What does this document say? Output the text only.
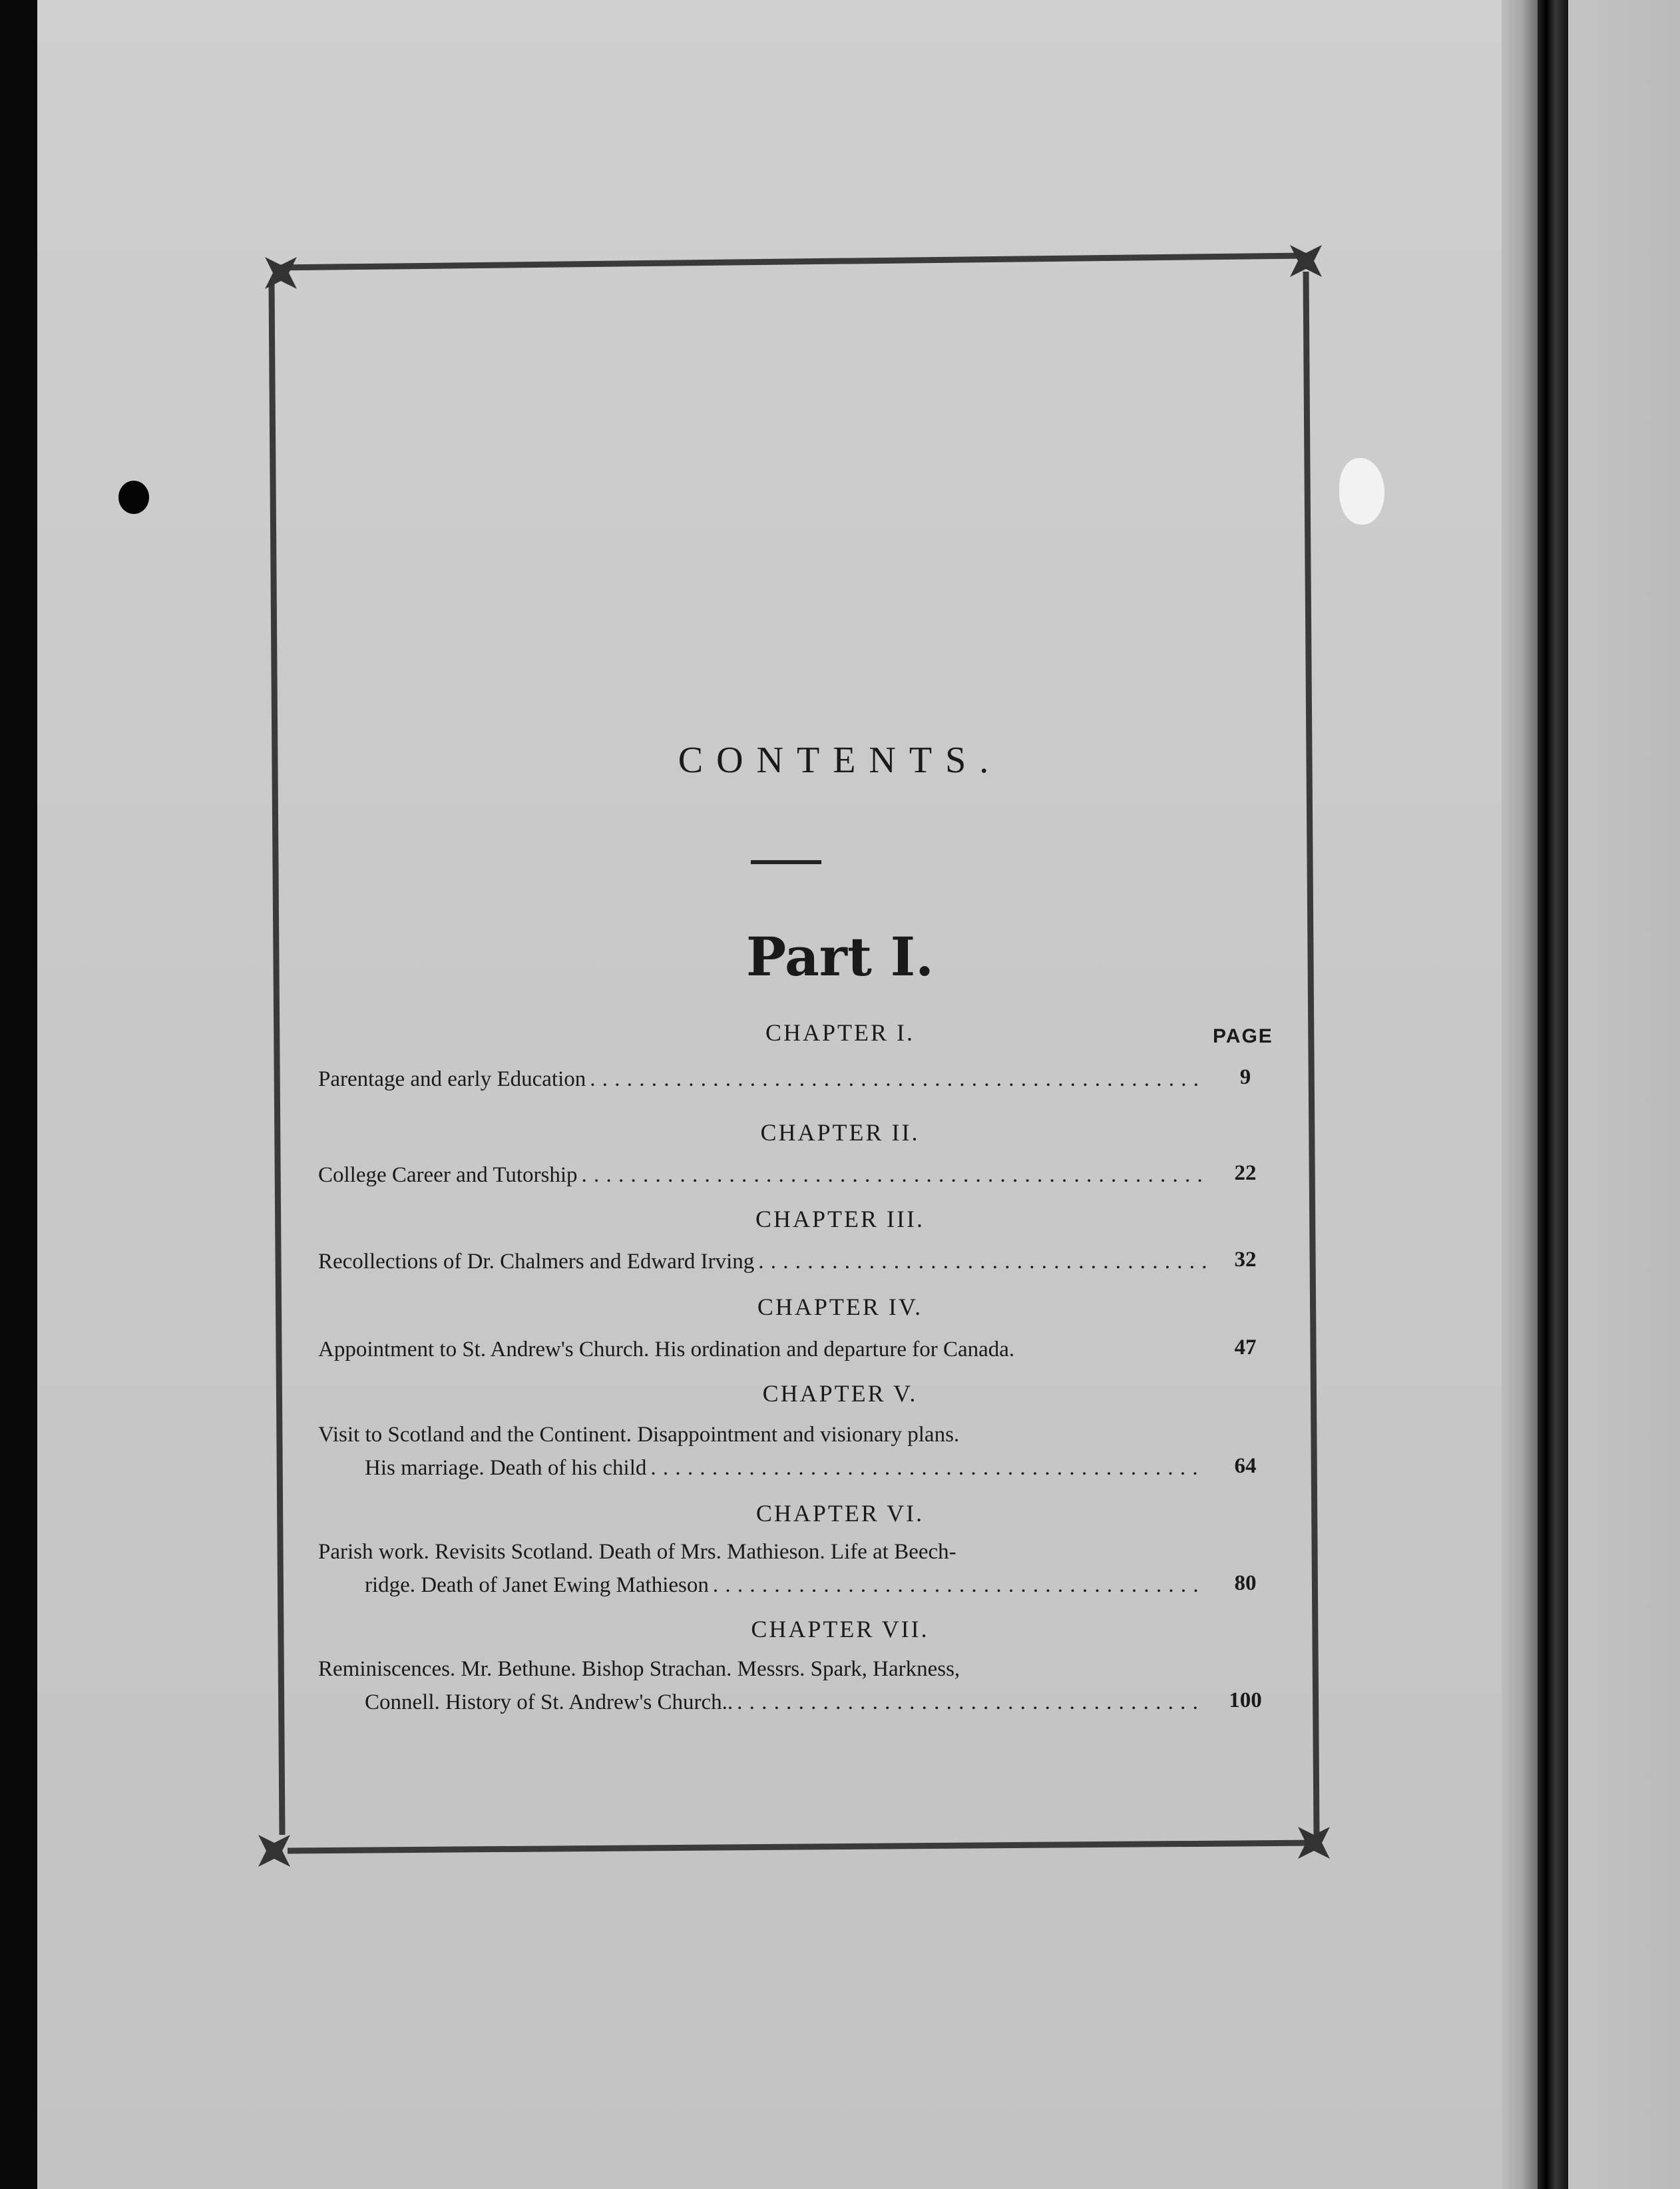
CONTENTS.
Part I.
PAGE
CHAPTER I.
Parentage and early Education . . .	9
CHAPTER II.
College Career and Tutorship . . .	22
CHAPTER III.
Recollections of Dr. Chalmers and Edward Irving . . .	32
CHAPTER IV.
Appointment to St. Andrew's Church. His ordination and departure for Canada.	47
CHAPTER V.
Visit to Scotland and the Continent. Disappointment and visionary plans.
His marriage. Death of his child . . .	64
CHAPTER VI.
Parish work. Revisits Scotland. Death of Mrs. Mathieson. Life at Beech-
ridge. Death of Janet Ewing Mathieson . . .	80
CHAPTER VII.
Reminiscences. Mr. Bethune. Bishop Strachan. Messrs. Spark, Harkness,
Connell. History of St. Andrew's Church.. . . .	100
